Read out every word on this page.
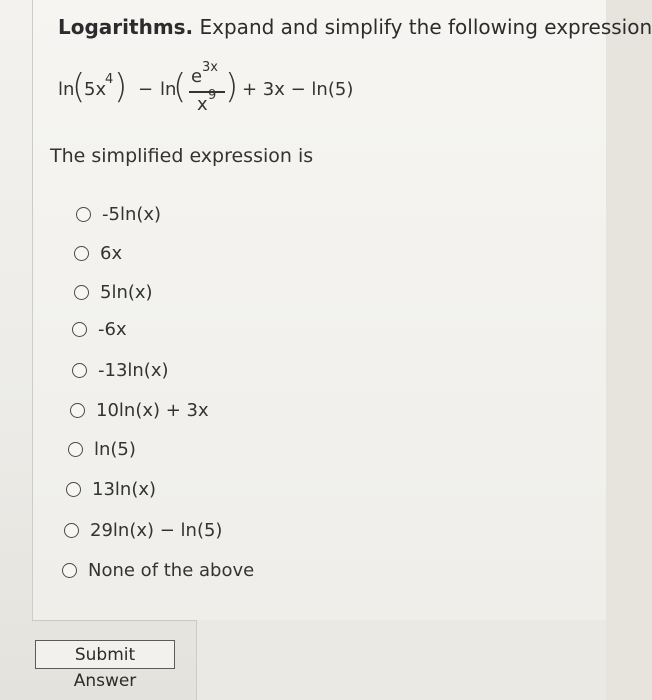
Logarithms. Expand and simplify the following expression
ln
(
5x
4 ) − ln
( e 3x
x 9 ) + 3x − ln(5)
The simplified expression is
-5ln(x)
6x
5ln(x)
-6x
-13ln(x)
10ln(x) + 3x
ln(5)
13ln(x)
29ln(x) − ln(5)
None of the above
Submit Answer
